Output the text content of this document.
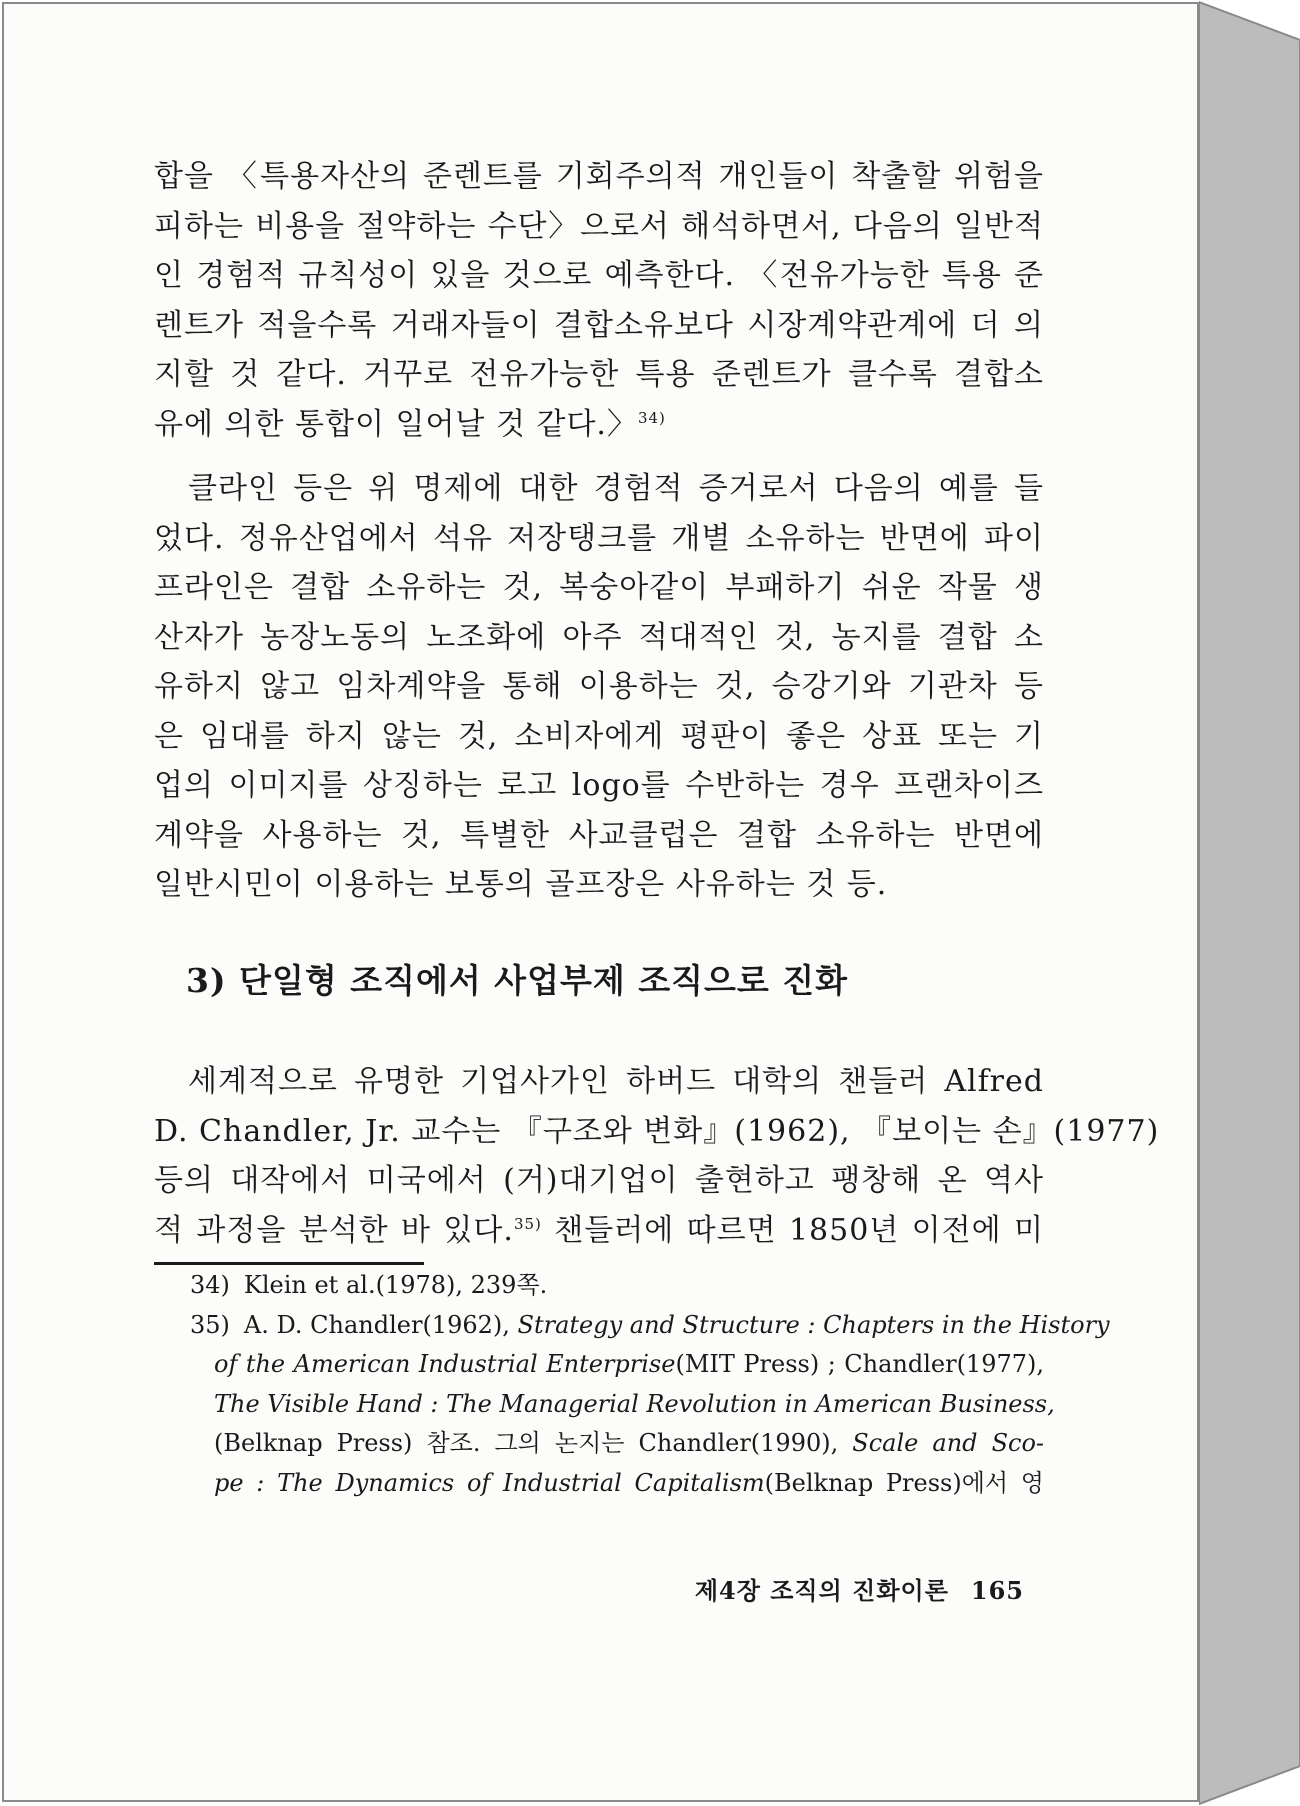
합을 〈특용자산의 준렌트를 기회주의적 개인들이 착출할 위험을
피하는 비용을 절약하는 수단〉으로서 해석하면서, 다음의 일반적
인 경험적 규칙성이 있을 것으로 예측한다. 〈전유가능한 특용 준
렌트가 적을수록 거래자들이 결합소유보다 시장계약관계에 더 의
지할 것 같다. 거꾸로 전유가능한 특용 준렌트가 클수록 결합소
유에 의한 통합이 일어날 것 같다.〉$^{34)}$
클라인 등은 위 명제에 대한 경험적 증거로서 다음의 예를 들
었다. 정유산업에서 석유 저장탱크를 개별 소유하는 반면에 파이
프라인은 결합 소유하는 것, 복숭아같이 부패하기 쉬운 작물 생
산자가 농장노동의 노조화에 아주 적대적인 것, 농지를 결합 소
유하지 않고 임차계약을 통해 이용하는 것, 승강기와 기관차 등
은 임대를 하지 않는 것, 소비자에게 평판이 좋은 상표 또는 기
업의 이미지를 상징하는 로고 logo를 수반하는 경우 프랜차이즈
계약을 사용하는 것, 특별한 사교클럽은 결합 소유하는 반면에
일반시민이 이용하는 보통의 골프장은 사유하는 것 등.
3) 단일형 조직에서 사업부제 조직으로 진화
세계적으로 유명한 기업사가인 하버드 대학의 챈들러 Alfred
D. Chandler, Jr. 교수는 『구조와 변화』(1962), 『보이는 손』(1977)
등의 대작에서 미국에서 (거)대기업이 출현하고 팽창해 온 역사
적 과정을 분석한 바 있다.$^{35)}$ 챈들러에 따르면 1850년 이전에 미
34) Klein et al.(1978), 239쪽.
35) A. D. Chandler(1962), Strategy and Structure : Chapters in the History
of the American Industrial Enterprise(MIT Press) ; Chandler(1977),
The Visible Hand : The Managerial Revolution in American Business,
(Belknap Press) 참조. 그의 논지는 Chandler(1990), Scale and Sco-
pe : The Dynamics of Industrial Capitalism(Belknap Press)에서 영
제4장 조직의 진화이론 165
